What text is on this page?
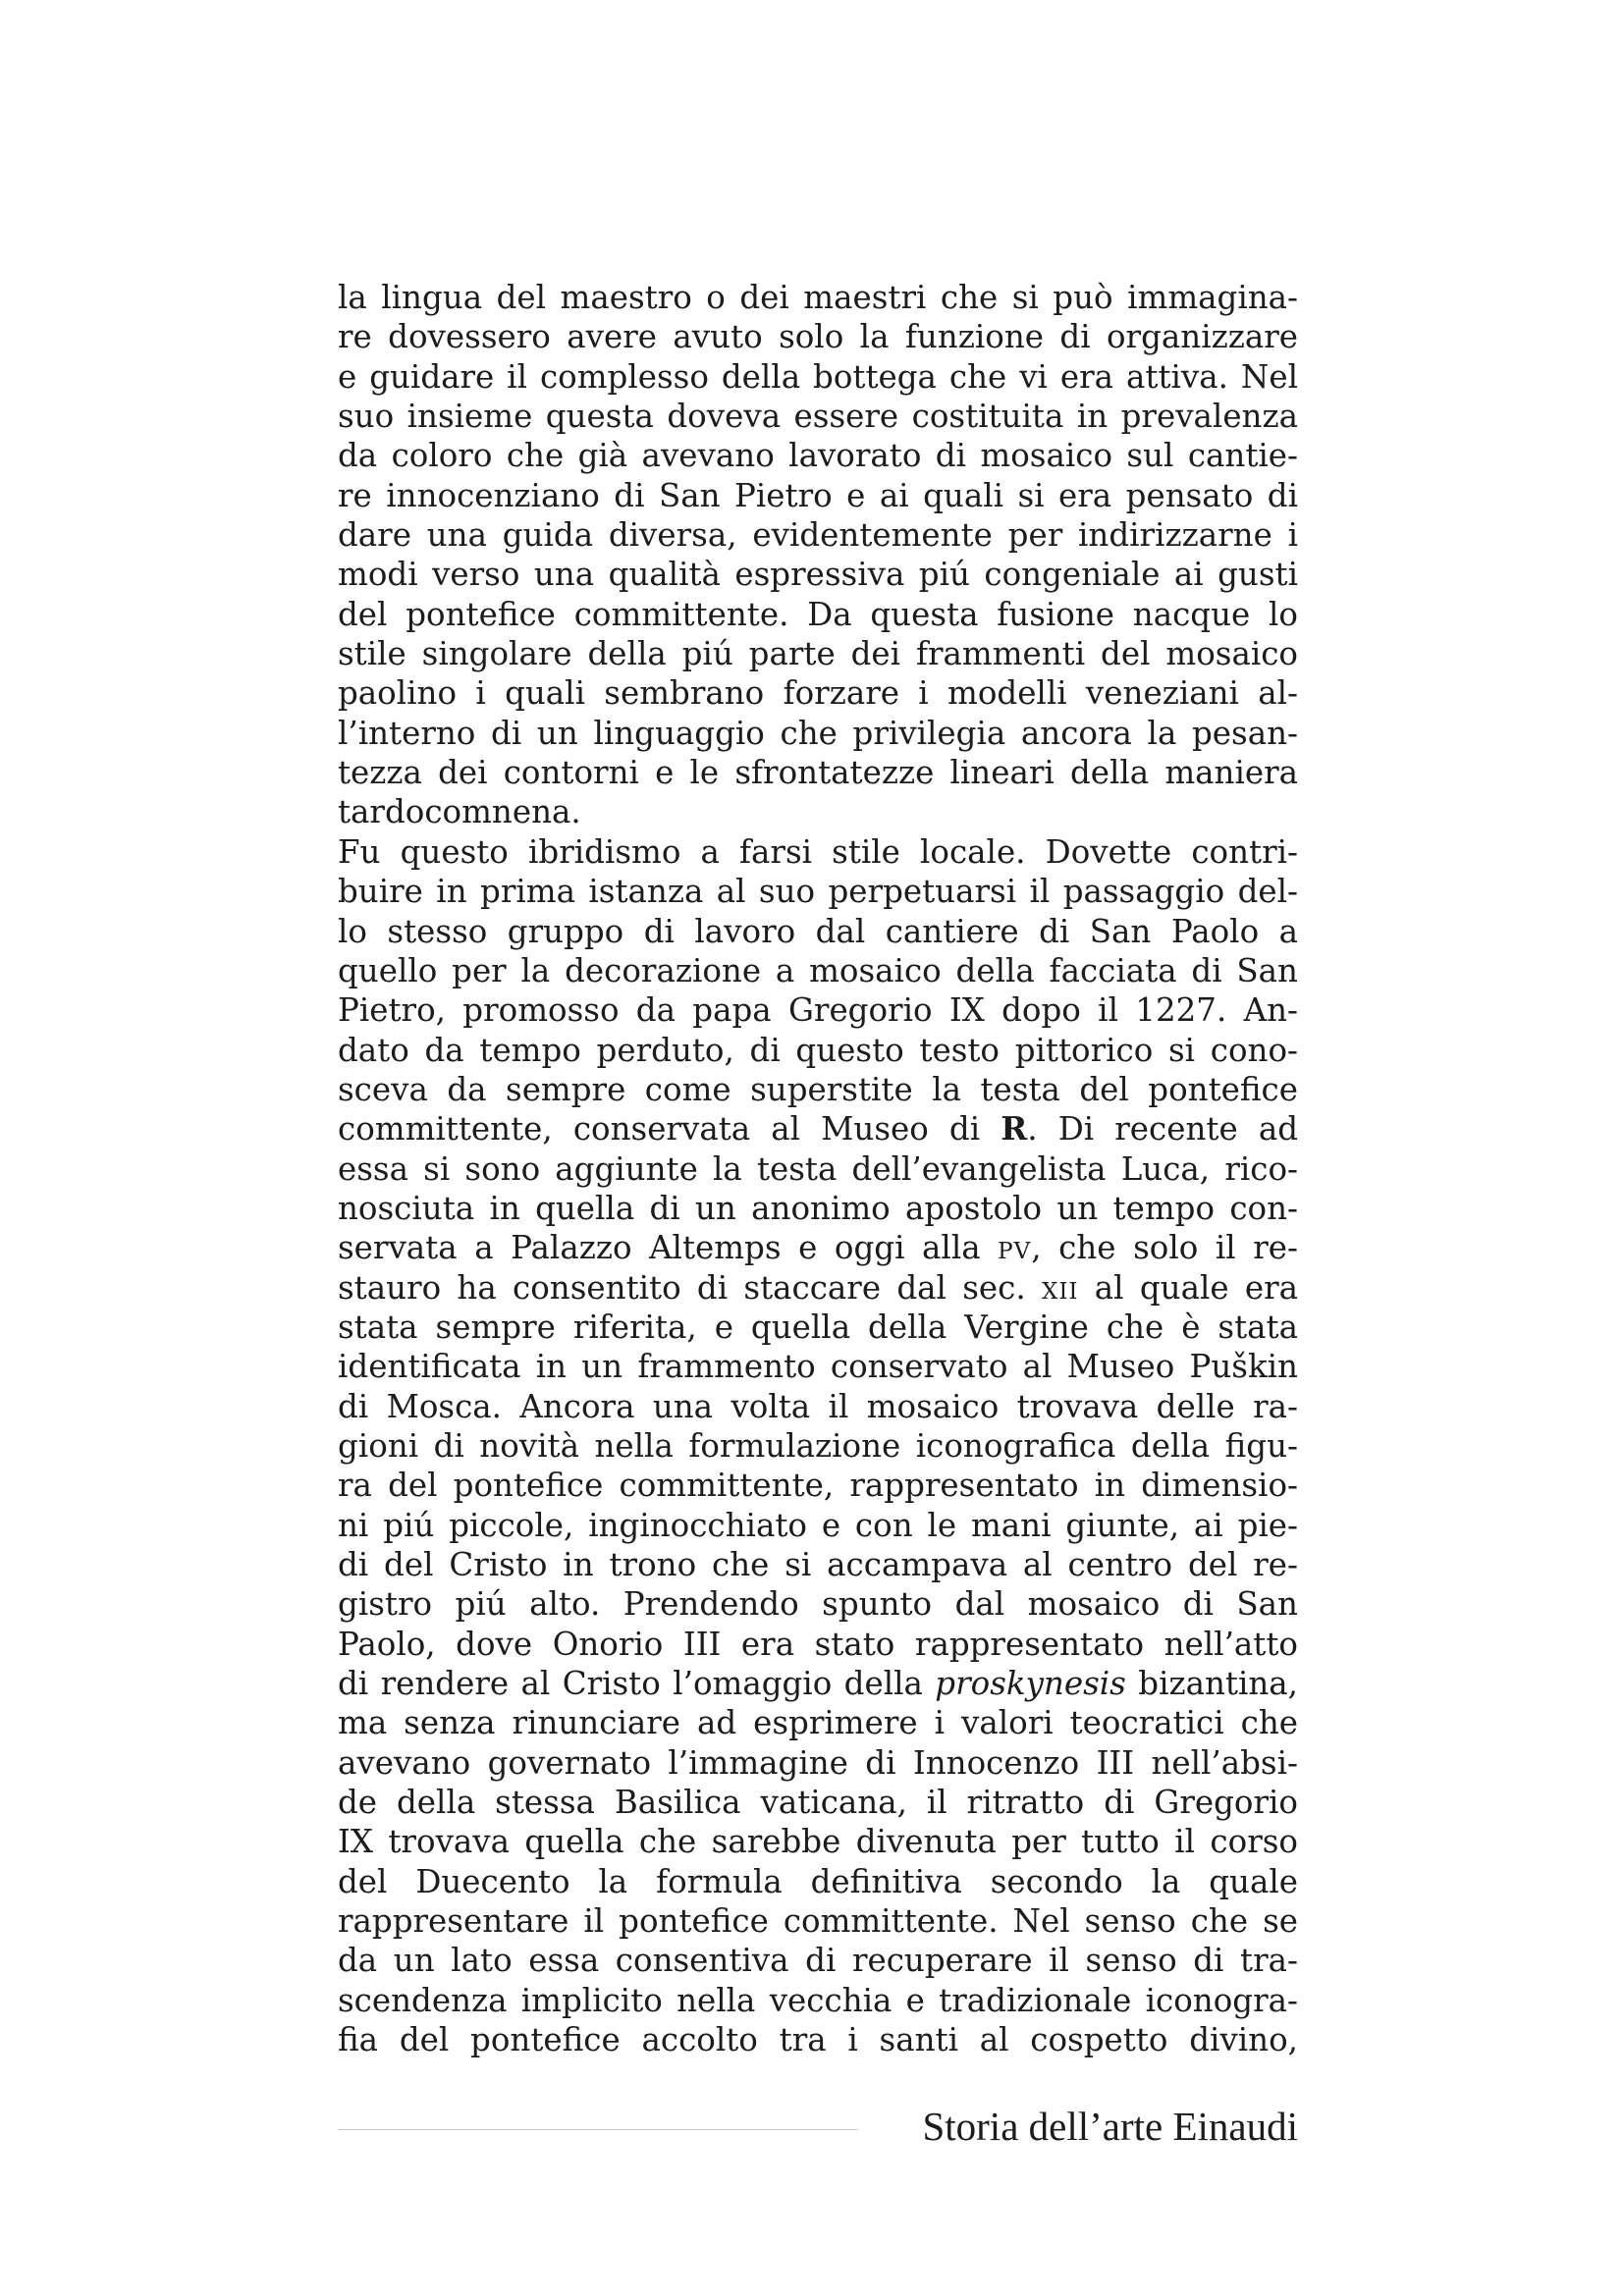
la lingua del maestro o dei maestri che si può immagina-
re dovessero avere avuto solo la funzione di organizzare
e guidare il complesso della bottega che vi era attiva. Nel
suo insieme questa doveva essere costituita in prevalenza
da coloro che già avevano lavorato di mosaico sul cantie-
re innocenziano di San Pietro e ai quali si era pensato di
dare una guida diversa, evidentemente per indirizzarne i
modi verso una qualità espressiva piú congeniale ai gusti
del pontefice committente. Da questa fusione nacque lo
stile singolare della piú parte dei frammenti del mosaico
paolino i quali sembrano forzare i modelli veneziani al-
l’interno di un linguaggio che privilegia ancora la pesan-
tezza dei contorni e le sfrontatezze lineari della maniera
tardocomnena.
Fu questo ibridismo a farsi stile locale. Dovette contri-
buire in prima istanza al suo perpetuarsi il passaggio del-
lo stesso gruppo di lavoro dal cantiere di San Paolo a
quello per la decorazione a mosaico della facciata di San
Pietro, promosso da papa Gregorio IX dopo il 1227. An-
dato da tempo perduto, di questo testo pittorico si cono-
sceva da sempre come superstite la testa del pontefice
committente, conservata al Museo di R. Di recente ad
essa si sono aggiunte la testa dell’evangelista Luca, rico-
nosciuta in quella di un anonimo apostolo un tempo con-
servata a Palazzo Altemps e oggi alla pv, che solo il re-
stauro ha consentito di staccare dal sec. xii al quale era
stata sempre riferita, e quella della Vergine che è stata
identificata in un frammento conservato al Museo Puškin
di Mosca. Ancora una volta il mosaico trovava delle ra-
gioni di novità nella formulazione iconografica della figu-
ra del pontefice committente, rappresentato in dimensio-
ni piú piccole, inginocchiato e con le mani giunte, ai pie-
di del Cristo in trono che si accampava al centro del re-
gistro piú alto. Prendendo spunto dal mosaico di San
Paolo, dove Onorio III era stato rappresentato nell’atto
di rendere al Cristo l’omaggio della proskynesis bizantina,
ma senza rinunciare ad esprimere i valori teocratici che
avevano governato l’immagine di Innocenzo III nell’absi-
de della stessa Basilica vaticana, il ritratto di Gregorio
IX trovava quella che sarebbe divenuta per tutto il corso
del Duecento la formula definitiva secondo la quale
rappresentare il pontefice committente. Nel senso che se
da un lato essa consentiva di recuperare il senso di tra-
scendenza implicito nella vecchia e tradizionale iconogra-
fia del pontefice accolto tra i santi al cospetto divino,
Storia dell’arte Einaudi
